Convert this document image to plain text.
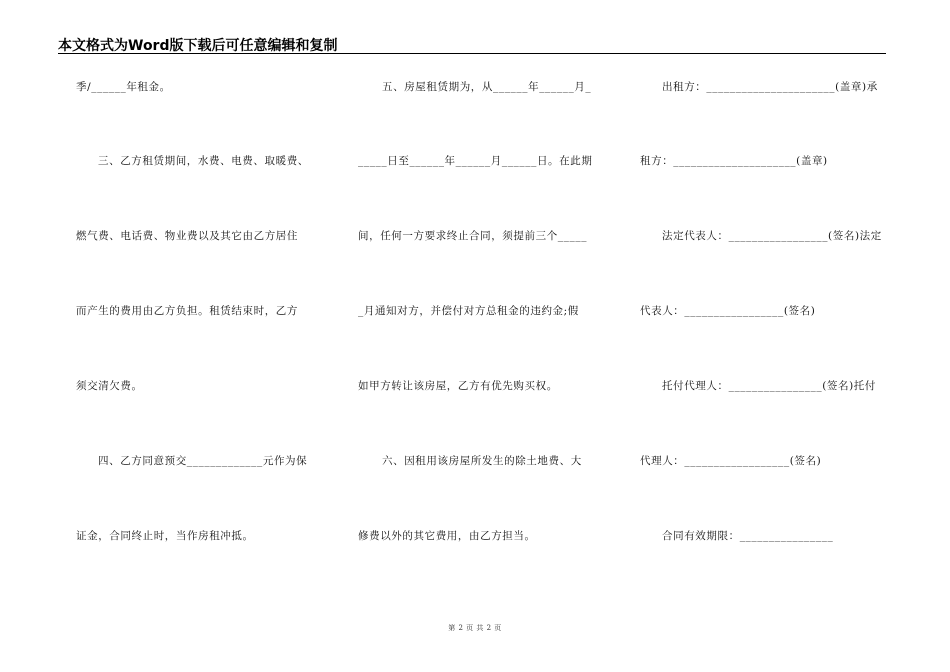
本文格式为Word版下载后可任意编辑和复制
季/______年租金。
三、乙方租赁期间，水费、电费、取暖费、
燃气费、电话费、物业费以及其它由乙方居住
而产生的费用由乙方负担。租赁结束时，乙方
须交清欠费。
四、乙方同意预交_____________元作为保
证金，合同终止时，当作房租冲抵。
五、房屋租赁期为，从______年______月_
_____日至______年______月______日。在此期
间，任何一方要求终止合同，须提前三个_____
_月通知对方，并偿付对方总租金的违约金;假
如甲方转让该房屋，乙方有优先购买权。
六、因租用该房屋所发生的除土地费、大
修费以外的其它费用，由乙方担当。
出租方：______________________(盖章)承
租方：_____________________(盖章)
法定代表人：_________________(签名)法定
代表人：_________________(签名)
托付代理人：________________(签名)托付
代理人：__________________(签名)
合同有效期限：________________
第 2 页 共 2 页
